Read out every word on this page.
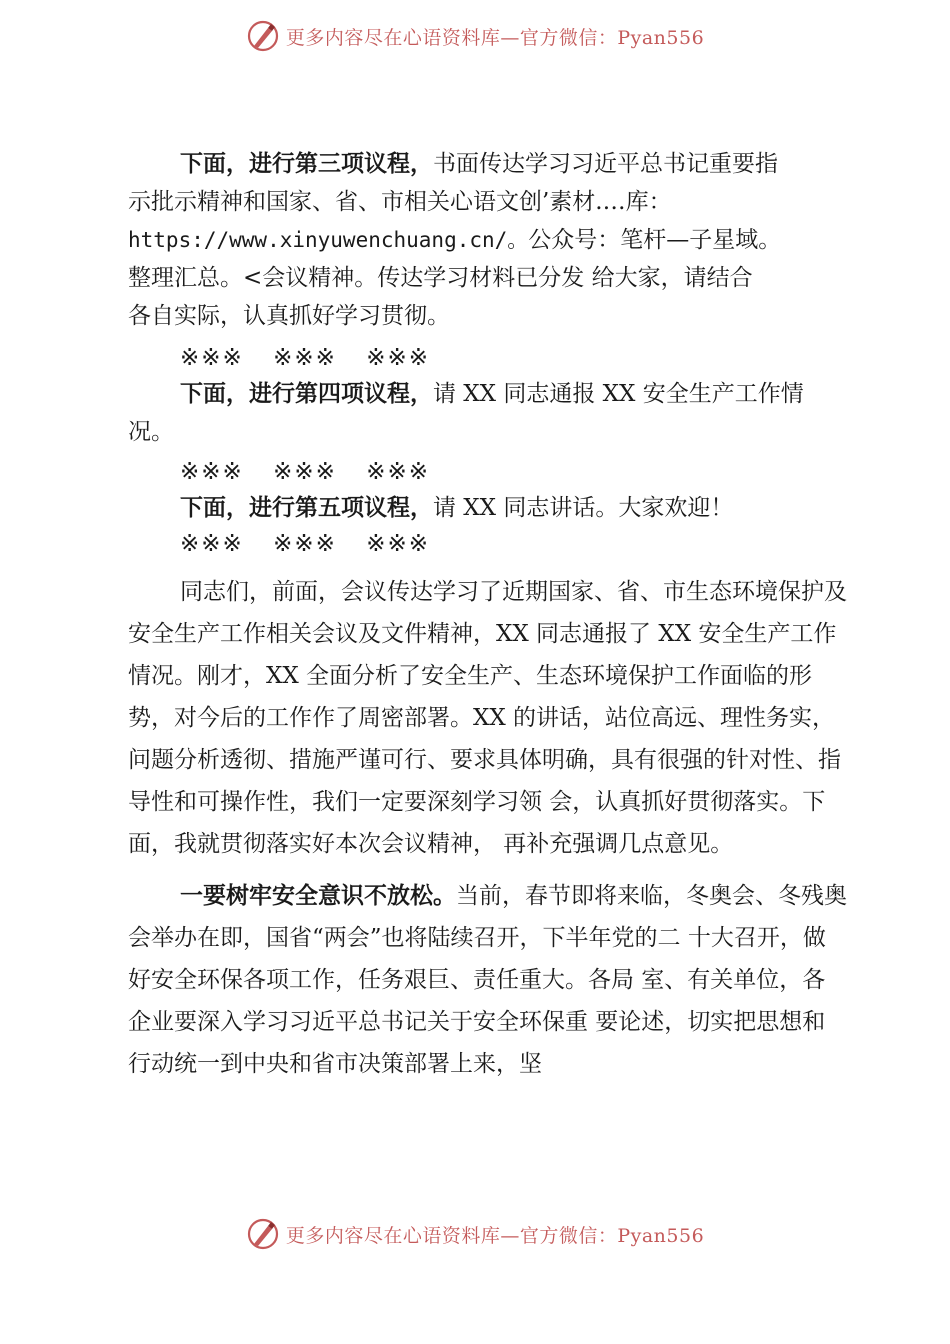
更多内容尽在心语资料库—官方微信：Pyan556

下面，进行第三项议程，书面传达学习习近平总书记重要指
示批示精神和国家、省、市相关心语文创’素材.…库：
https://www.xinyuwenchuang.cn/。公众号：笔杆—子星域。
整理汇总。<会议精神。传达学习材料已分发 给大家，请结合
各自实际，认真抓好学习贯彻。

※※※ ※※※ ※※※

下面，进行第四项议程，请 XX 同志通报 XX 安全生产工作情况。

※※※ ※※※ ※※※

下面，进行第五项议程，请 XX 同志讲话。大家欢迎！

※※※ ※※※ ※※※

同志们，前面，会议传达学习了近期国家、省、市生态环境保护及安全生产工作相关会议及文件精神，XX 同志通报了 XX 安全生产工作情况。刚才，XX 全面分析了安全生产、生态环境保护工作面临的形势，对今后的工作作了周密部署。XX 的讲话，站位高远、理性务实，问题分析透彻、措施严谨可行、要求具体明确，具有很强的针对性、指导性和可操作性，我们一定要深刻学习领 会，认真抓好贯彻落实。下面，我就贯彻落实好本次会议精神， 再补充强调几点意见。

一要树牢安全意识不放松。当前，春节即将来临，冬奥会、冬残奥会举办在即，国省“两会”也将陆续召开，下半年党的二 十大召开，做好安全环保各项工作，任务艰巨、责任重大。各局 室、有关单位，各企业要深入学习习近平总书记关于安全环保重 要论述，切实把思想和行动统一到中央和省市决策部署上来，坚

更多内容尽在心语资料库—官方微信：Pyan556
